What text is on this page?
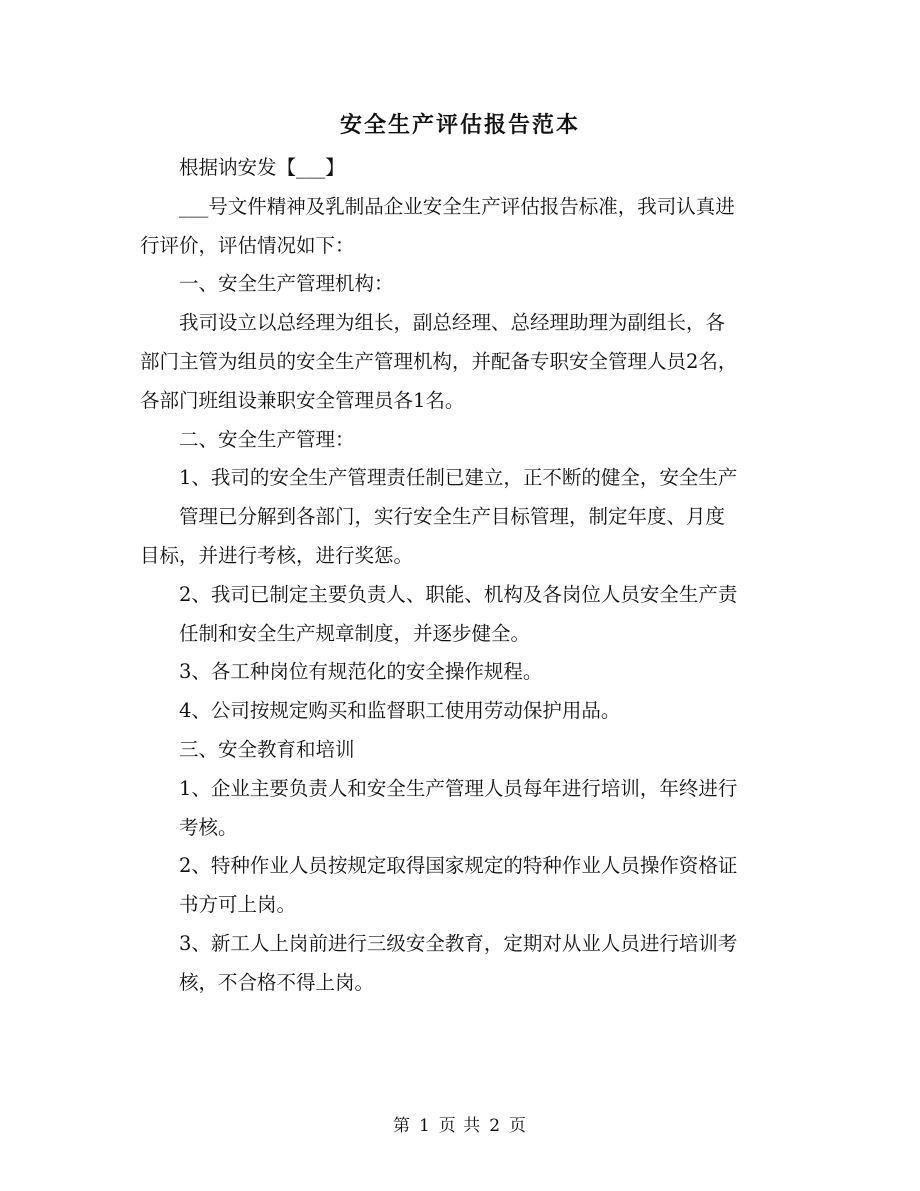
安全生产评估报告范本
根据讷安发【___】
___号文件精神及乳制品企业安全生产评估报告标准，我司认真进
行评价，评估情况如下：
一、安全生产管理机构：
我司设立以总经理为组长，副总经理、总经理助理为副组长，各
部门主管为组员的安全生产管理机构，并配备专职安全管理人员2名，
各部门班组设兼职安全管理员各1名。
二、安全生产管理：
1、我司的安全生产管理责任制已建立，正不断的健全，安全生产
管理已分解到各部门，实行安全生产目标管理，制定年度、月度
目标，并进行考核，进行奖惩。
2、我司已制定主要负责人、职能、机构及各岗位人员安全生产责
任制和安全生产规章制度，并逐步健全。
3、各工种岗位有规范化的安全操作规程。
4、公司按规定购买和监督职工使用劳动保护用品。
三、安全教育和培训
1、企业主要负责人和安全生产管理人员每年进行培训，年终进行
考核。
2、特种作业人员按规定取得国家规定的特种作业人员操作资格证
书方可上岗。
3、新工人上岗前进行三级安全教育，定期对从业人员进行培训考
核，不合格不得上岗。
第 1 页 共 2 页
